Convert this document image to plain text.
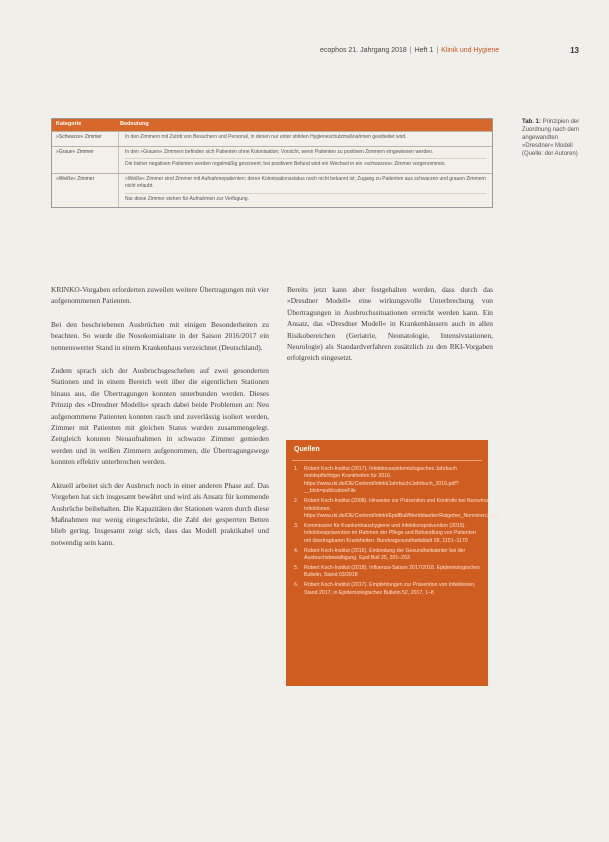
ecophos 21. Jahrgang 2018 | Heft 1 | Klinik und Hygiene	13
Kategorie	Bedeutung
»Schwarze« Zimmer	In den Zimmern mit Zutritt von Besuchern und Personal, in denen nur unter strikten Hygieneschutzmaßnahmen gearbeitet wird.

»Graue« Zimmer	In den »Grauen« Zimmern befinden sich Patienten ohne Kolonisation; Vorsicht, wenn Patienten zu positiven Zimmern eingewiesen werden.

Die bisher negativen Patienten werden regelmäßig gescreent; bei positivem Befund wird ein Wechsel in ein »schwarzes« Zimmer vorgenommen.

»Weiße« Zimmer	»Weiße« Zimmer sind Zimmer mit Aufnahmepatienten; deren Kolonisationsstatus noch nicht bekannt ist; Zugang zu Patienten aus schwarzen und grauen Zimmern nicht erlaubt.

Nur diese Zimmer stehen für Aufnahmen zur Verfügung.

Tab. 1: Prinzipien der Zuordnung nach dem angewandten »Dresdner« Modell (Quelle: der Autoren)

KRINKO-Vorgaben erforderten zuweilen weitere Übertragungen mit vier aufgenommenen Patienten.

Bei den beschriebenen Ausbrüchen mit einigen Besonderheiten zu beachten. So wurde die Nosokomialrate in der Saison 2016/2017 ein nennenswerter Stand in einem Krankenhaus verzeichnet (Deutschland).

Zudem sprach sich der Ausbruchsgeschehen auf zwei gesonderten Stationen und in einem Bereich weit über die eigentlichen Stationen hinaus aus, die Übertragungen konnten unterbunden werden. Dieses Prinzip des »Dresdner Modells« sprach dabei beide Problemen an: Neu aufgenommene Patienten konnten rasch und zuverlässig isoliert werden, Zimmer mit Patienten mit gleichen Status wurden zusammengelegt. Zeitgleich konnten Neuaufnahmen in schwarze Zimmer gemieden werden und in weißen Zimmern aufgenommen, die Übertragungswege konnten effektiv unterbrochen werden.

Aktuell arbeitet sich der Ausbruch noch in einer anderen Phase auf. Das Vorgehen hat sich insgesamt bewährt und wird als Ansatz für kommende Ausbrüche beibehalten. Die Kapazitäten der Stationen waren durch diese Maßnahmen nur wenig eingeschränkt, die Zahl der gesperrten Betten blieb gering. Insgesamt zeigt sich, dass das Modell praktikabel und notwendig sein kann.

Bereits jetzt kann aber festgehalten werden, dass durch das »Dresdner Modell« eine wirkungsvolle Unterbrechung von Übertragungen in Ausbruchssituationen erreicht werden kann. Ein Ansatz, das »Dresdner Modell« in Krankenhäusern auch in allen Risikobereichen (Geriatrie, Neonatologie, Intensivstationen, Neurologie) als Standardverfahren zusätzlich zu den RKI-Vorgaben erfolgreich eingesetzt.

Quellen
1.	Robert Koch-Institut (2017). Infektionsepidemiologisches Jahrbuch meldepflichtiger Krankheiten für 2016. https://www.rki.de/DE/Content/Infekt/Jahrbuch/Jahrbuch_2016.pdf?__blob=publicationFile
2.	Robert Koch-Institut (2008). Hinweise zur Prävention und Kontrolle bei Norovirus-Infektionen. https://www.rki.de/DE/Content/Infekt/EpidBull/Merkblaetter/Ratgeber_Noroviren.html
3.	Kommission für Krankenhaushygiene und Infektionsprävention (2015). Infektionsprävention im Rahmen der Pflege und Behandlung von Patienten mit übertragbaren Krankheiten. Bundesgesundheitsblatt 58, 1151–1170
4.	Robert Koch-Institut (2016). Einbindung der Gesundheitsämter bei der Ausbruchsbewältigung. Epid Bull 25, 201–203
5.	Robert Koch-Institut (2018). Influenza-Saison 2017/2018. Epidemiologisches Bulletin, Stand 03/2018
6.	Robert Koch-Institut (2017). Empfehlungen zur Prävention von Infektionen, Stand 2017, in Epidemiologisches Bulletin 52, 2017, 1–8
